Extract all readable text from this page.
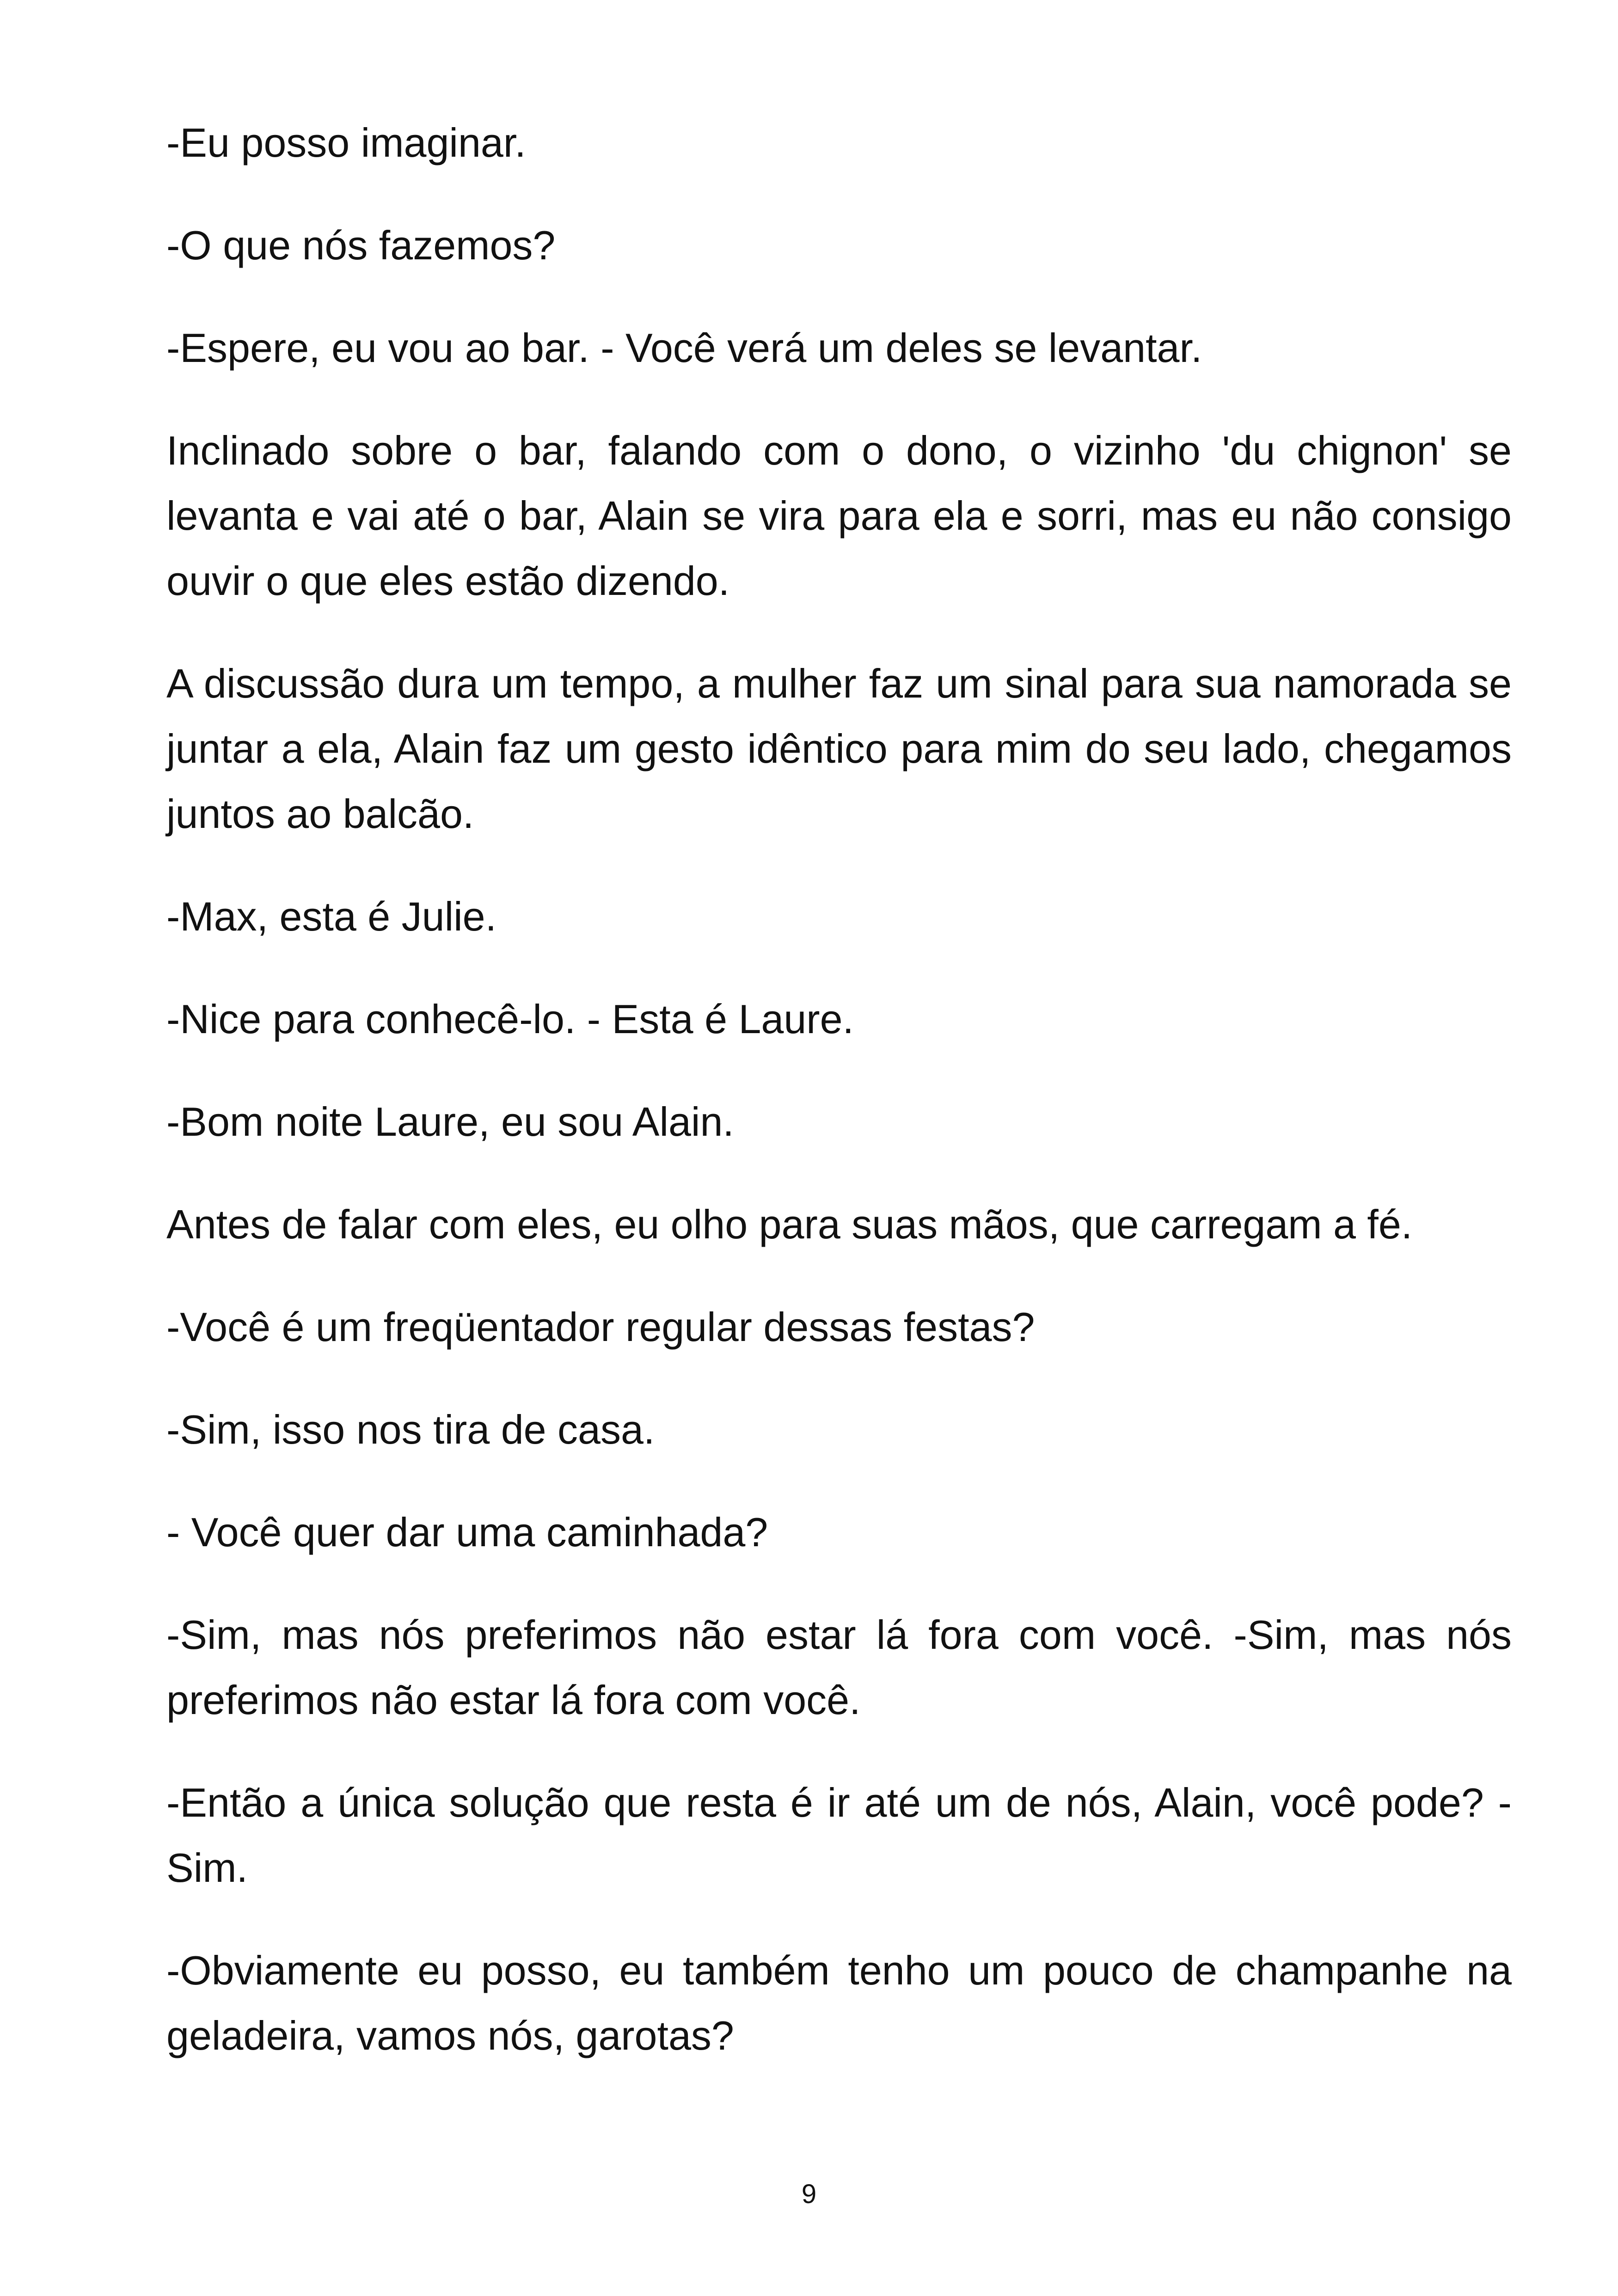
-Eu posso imaginar.

-O que nós fazemos?

-Espere, eu vou ao bar. - Você verá um deles se levantar.

Inclinado sobre o bar, falando com o dono, o vizinho 'du chignon' se levanta e vai até o bar, Alain se vira para ela e sorri, mas eu não consigo ouvir o que eles estão dizendo.

A discussão dura um tempo, a mulher faz um sinal para sua namorada se juntar a ela, Alain faz um gesto idêntico para mim do seu lado, chegamos juntos ao balcão.

-Max, esta é Julie.

-Nice para conhecê-lo. - Esta é Laure.

-Bom noite Laure, eu sou Alain.

Antes de falar com eles, eu olho para suas mãos, que carregam a fé.

-Você é um freqüentador regular dessas festas?

-Sim, isso nos tira de casa.

- Você quer dar uma caminhada?

-Sim, mas nós preferimos não estar lá fora com você. -Sim, mas nós preferimos não estar lá fora com você.

-Então a única solução que resta é ir até um de nós, Alain, você pode? - Sim.

-Obviamente eu posso, eu também tenho um pouco de champanhe na geladeira, vamos nós, garotas?

9
